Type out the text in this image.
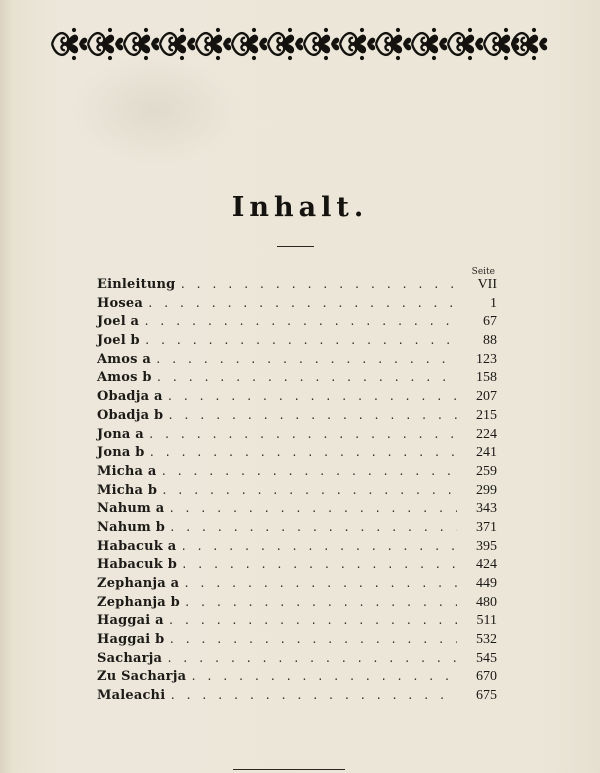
Inhalt.
Seite
Einleitung . . .	VII
Hosea . . .	1
Joel a . . .	67
Joel b . . .	88
Amos a . . .	123
Amos b . . .	158
Obadja a . . .	207
Obadja b . . .	215
Jona a . . .	224
Jona b . . .	241
Micha a . . .	259
Micha b . . .	299
Nahum a . . .	343
Nahum b . . .	371
Habacuk a . . .	395
Habacuk b . . .	424
Zephanja a . . .	449
Zephanja b . . .	480
Haggai a . . .	511
Haggai b . . .	532
Sacharja . . .	545
Zu Sacharja . . .	670
Maleachi . . .	675
